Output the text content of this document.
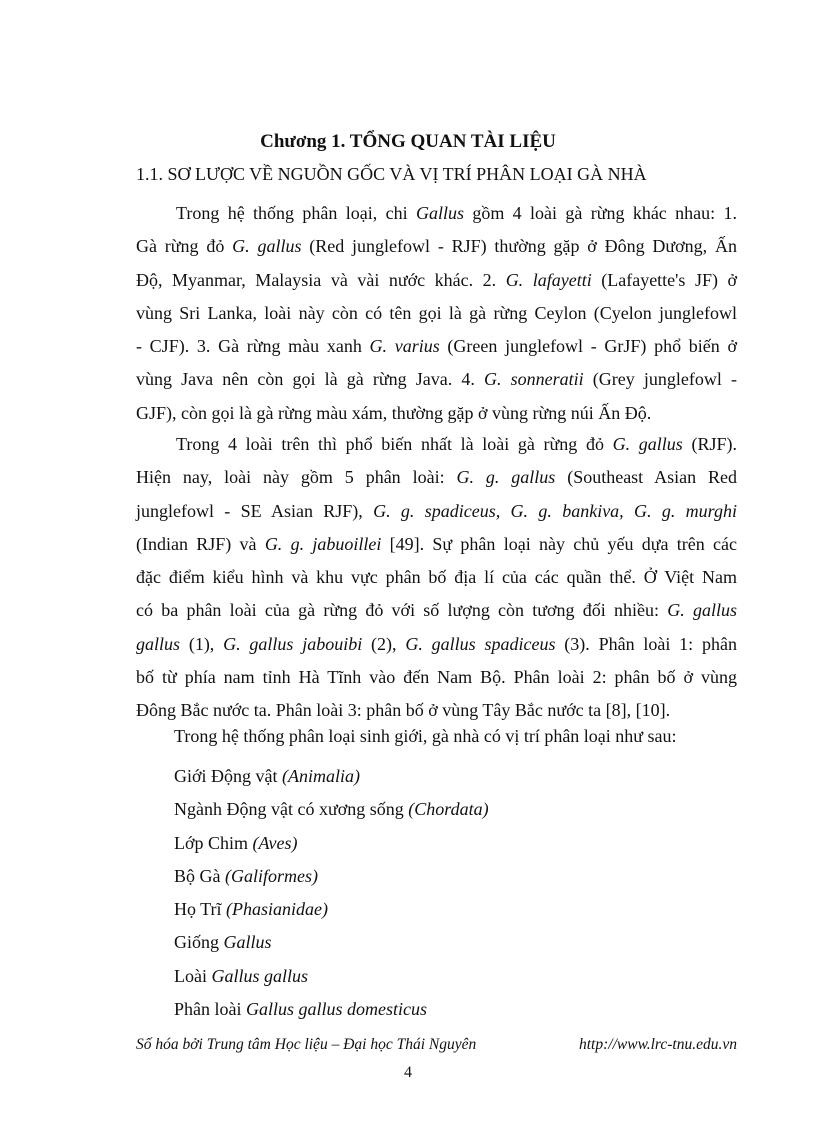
Chương 1. TỔNG QUAN TÀI LIỆU
1.1. SƠ LƯỢC VỀ NGUỒN GỐC VÀ VỊ TRÍ PHÂN LOẠI GÀ NHÀ
Trong hệ thống phân loại, chi Gallus gồm 4 loài gà rừng khác nhau: 1.
Gà rừng đỏ G. gallus (Red junglefowl - RJF) thường gặp ở Đông Dương, Ấn
Độ, Myanmar, Malaysia và vài nước khác. 2. G. lafayetti (Lafayette's JF) ở
vùng Sri Lanka, loài này còn có tên gọi là gà rừng Ceylon (Cyelon junglefowl
- CJF). 3. Gà rừng màu xanh G. varius (Green junglefowl - GrJF) phổ biến ở
vùng Java nên còn gọi là gà rừng Java. 4. G. sonneratii (Grey junglefowl -
GJF), còn gọi là gà rừng màu xám, thường gặp ở vùng rừng núi Ấn Độ.
Trong 4 loài trên thì phổ biến nhất là loài gà rừng đỏ G. gallus (RJF).
Hiện nay, loài này gồm 5 phân loài: G. g. gallus (Southeast Asian Red
junglefowl - SE Asian RJF), G. g. spadiceus, G. g. bankiva, G. g. murghi
(Indian RJF) và G. g. jabuoillei [49]. Sự phân loại này chủ yếu dựa trên các
đặc điểm kiểu hình và khu vực phân bố địa lí của các quần thể. Ở Việt Nam
có ba phân loài của gà rừng đỏ với số lượng còn tương đối nhiều: G. gallus
gallus (1), G. gallus jabouibi (2), G. gallus spadiceus (3). Phân loài 1: phân
bố từ phía nam tỉnh Hà Tĩnh vào đến Nam Bộ. Phân loài 2: phân bố ở vùng
Đông Bắc nước ta. Phân loài 3: phân bố ở vùng Tây Bắc nước ta [8], [10].
Trong hệ thống phân loại sinh giới, gà nhà có vị trí phân loại như sau:
Giới Động vật (Animalia)
Ngành Động vật có xương sống (Chordata)
Lớp Chim (Aves)
Bộ Gà (Galiformes)
Họ Trĩ (Phasianidae)
Giống Gallus
Loài Gallus gallus
Phân loài Gallus gallus domesticus
Số hóa bởi Trung tâm Học liệu – Đại học Thái Nguyên	http://www.lrc-tnu.edu.vn
4
